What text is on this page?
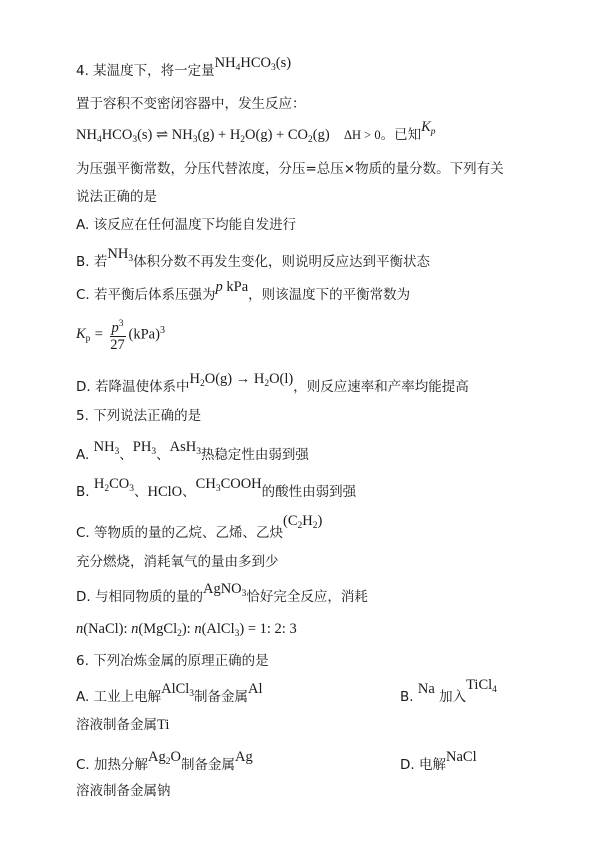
4. 某温度下，将一定量$NH_4HCO_3(s)$
置于容积不变密闭容器中，发生反应：
$NH_4HCO_3(s)$ ⇌ $NH_3(g) + H_2O(g) + CO_2(g) \Delta H > 0$。已知$K_p$
为压强平衡常数，分压代替浓度，分压=总压×物质的量分数。下列有关
说法正确的是
A. 该反应在任何温度下均能自发进行
B. 若$NH_3$体积分数不再发生变化，则说明反应达到平衡状态
C. 若平衡后体系压强为p kPa，则该温度下的平衡常数为
$K_p = \frac{p^3}{27} (kPa)^3$
D. 若降温使体系中$H_2O(g) \to H_2O(l)$，则反应速率和产率均能提高
5. 下列说法正确的是
A. $NH_3$、$PH_3$、AsH$_3$热稳定性由弱到强
B. $H_2CO_3$、HClO、$CH_3COOH$的酸性由弱到强
C. 等物质的量的乙烷、乙烯、乙炔$(C_2H_2)$
充分燃烧，消耗氧气的量由多到少
D. 与相同物质的量的AgNO$_3$恰好完全反应，消耗
n(NaCl): n(MgCl$_2$): n(AlCl$_3$) = 1: 2: 3
6. 下列冶炼金属的原理正确的是
A. 工业上电解AlCl$_3$制备金属Al	B. Na 加入TiCl$_4$
溶液制备金属Ti
C. 加热分解$Ag_2O$制备金属Ag	D. 电解NaCl
溶液制备金属钠
